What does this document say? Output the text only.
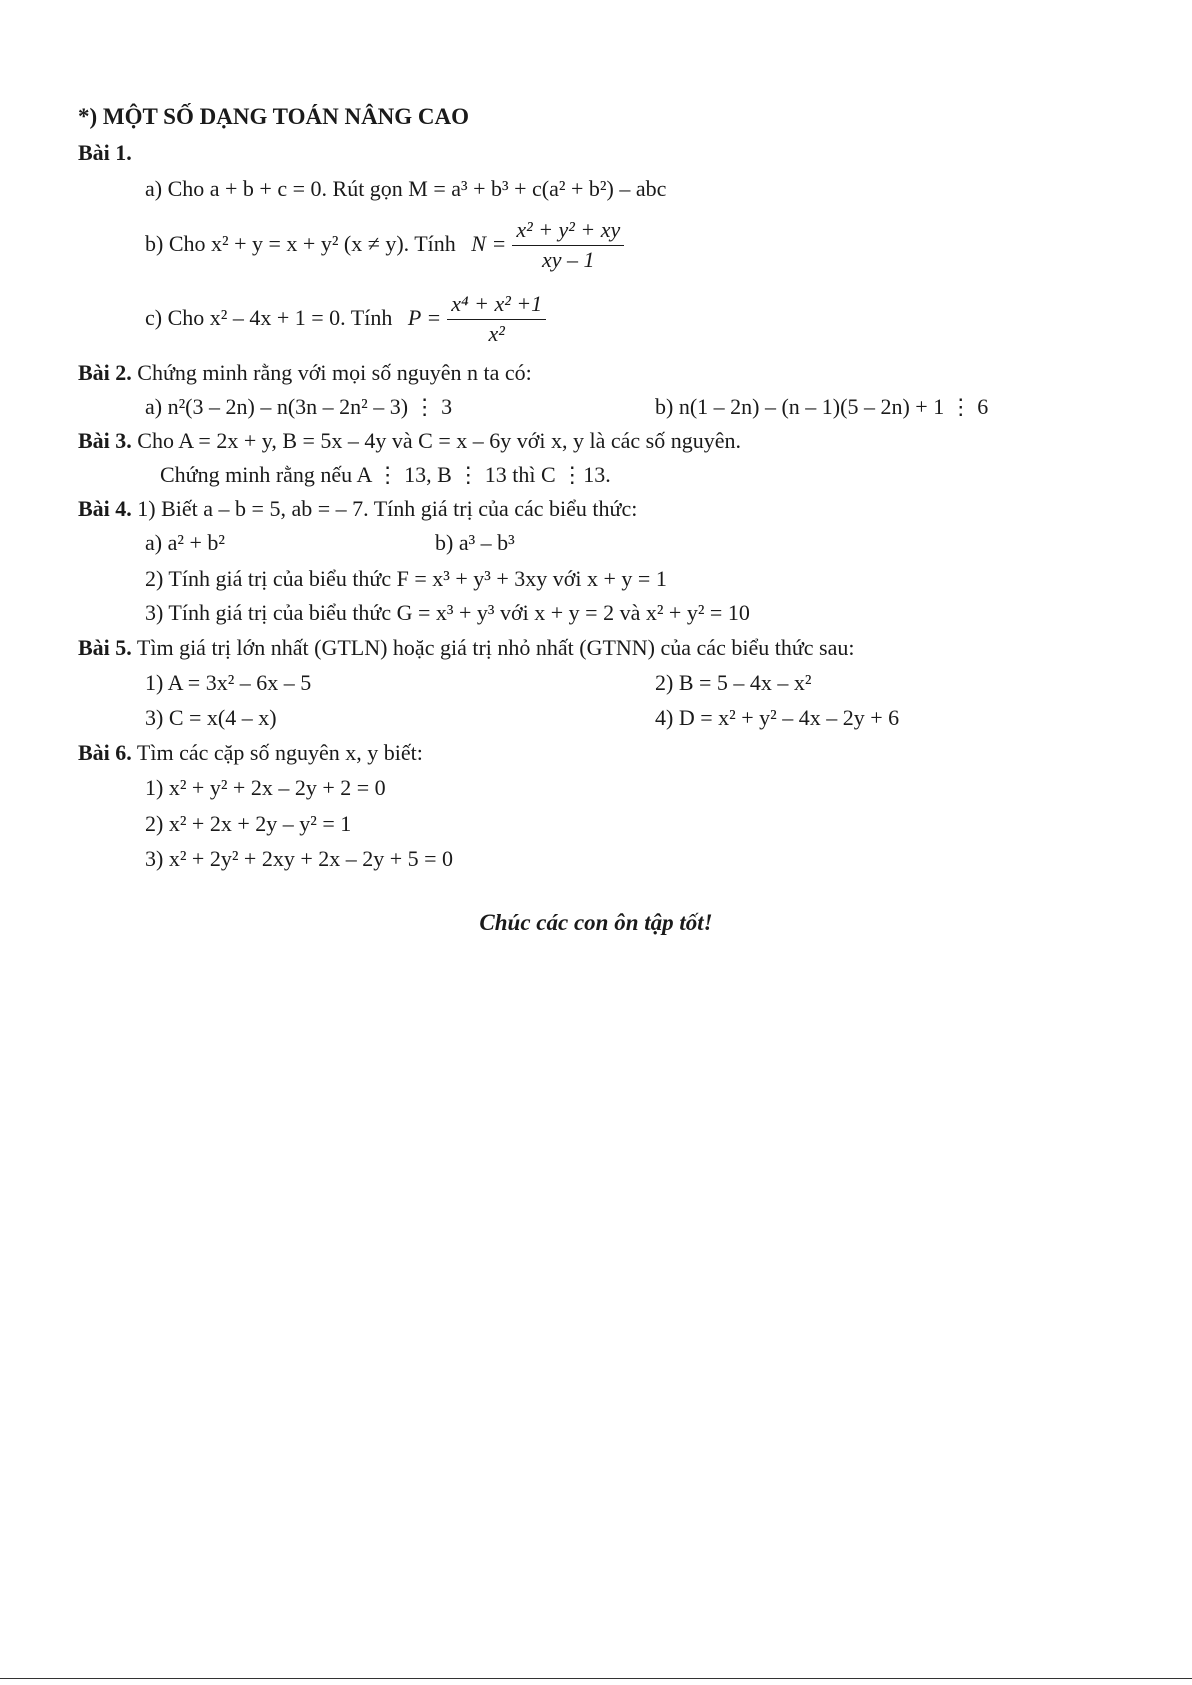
*) MỘT SỐ DẠNG TOÁN NÂNG CAO
Bài 1.
a) Cho a + b + c = 0. Rút gọn M = a³ + b³ + c(a² + b²) – abc
b) Cho x² + y = x + y² (x ≠ y). Tính $N = \frac{\text{x² + y² + xy}}{xy - 1}$
c) Cho x² – 4x + 1 = 0. Tính $P = \frac{\text{x⁴ + x² +1}}{\text{x²}}$
Bài 2. Chứng minh rằng với mọi số nguyên n ta có:
a) n²(3 – 2n) – n(3n – 2n² – 3) ⋮ 3	b) n(1 – 2n) – (n – 1)(5 – 2n) + 1 ⋮ 6
Bài 3. Cho A = 2x + y, B = 5x – 4y và C = x – 6y với x, y là các số nguyên.
Chứng minh rằng nếu A ⋮ 13, B ⋮ 13 thì C ⋮13.
Bài 4. 1) Biết a – b = 5, ab = – 7. Tính giá trị của các biểu thức:
a) a² + b²	b) a³ – b³
2) Tính giá trị của biểu thức F = x³ + y³ + 3xy với x + y = 1
3) Tính giá trị của biểu thức G = x³ + y³ với x + y = 2 và x² + y² = 10
Bài 5. Tìm giá trị lớn nhất (GTLN) hoặc giá trị nhỏ nhất (GTNN) của các biểu thức sau:
1) A = 3x² – 6x – 5	2) B = 5 – 4x – x²
3) C = x(4 – x)	4) D = x² + y² – 4x – 2y + 6
Bài 6. Tìm các cặp số nguyên x, y biết:
1) x² + y² + 2x – 2y + 2 = 0
2) x² + 2x + 2y – y² = 1
3) x² + 2y² + 2xy + 2x – 2y + 5 = 0
Chúc các con ôn tập tốt!
